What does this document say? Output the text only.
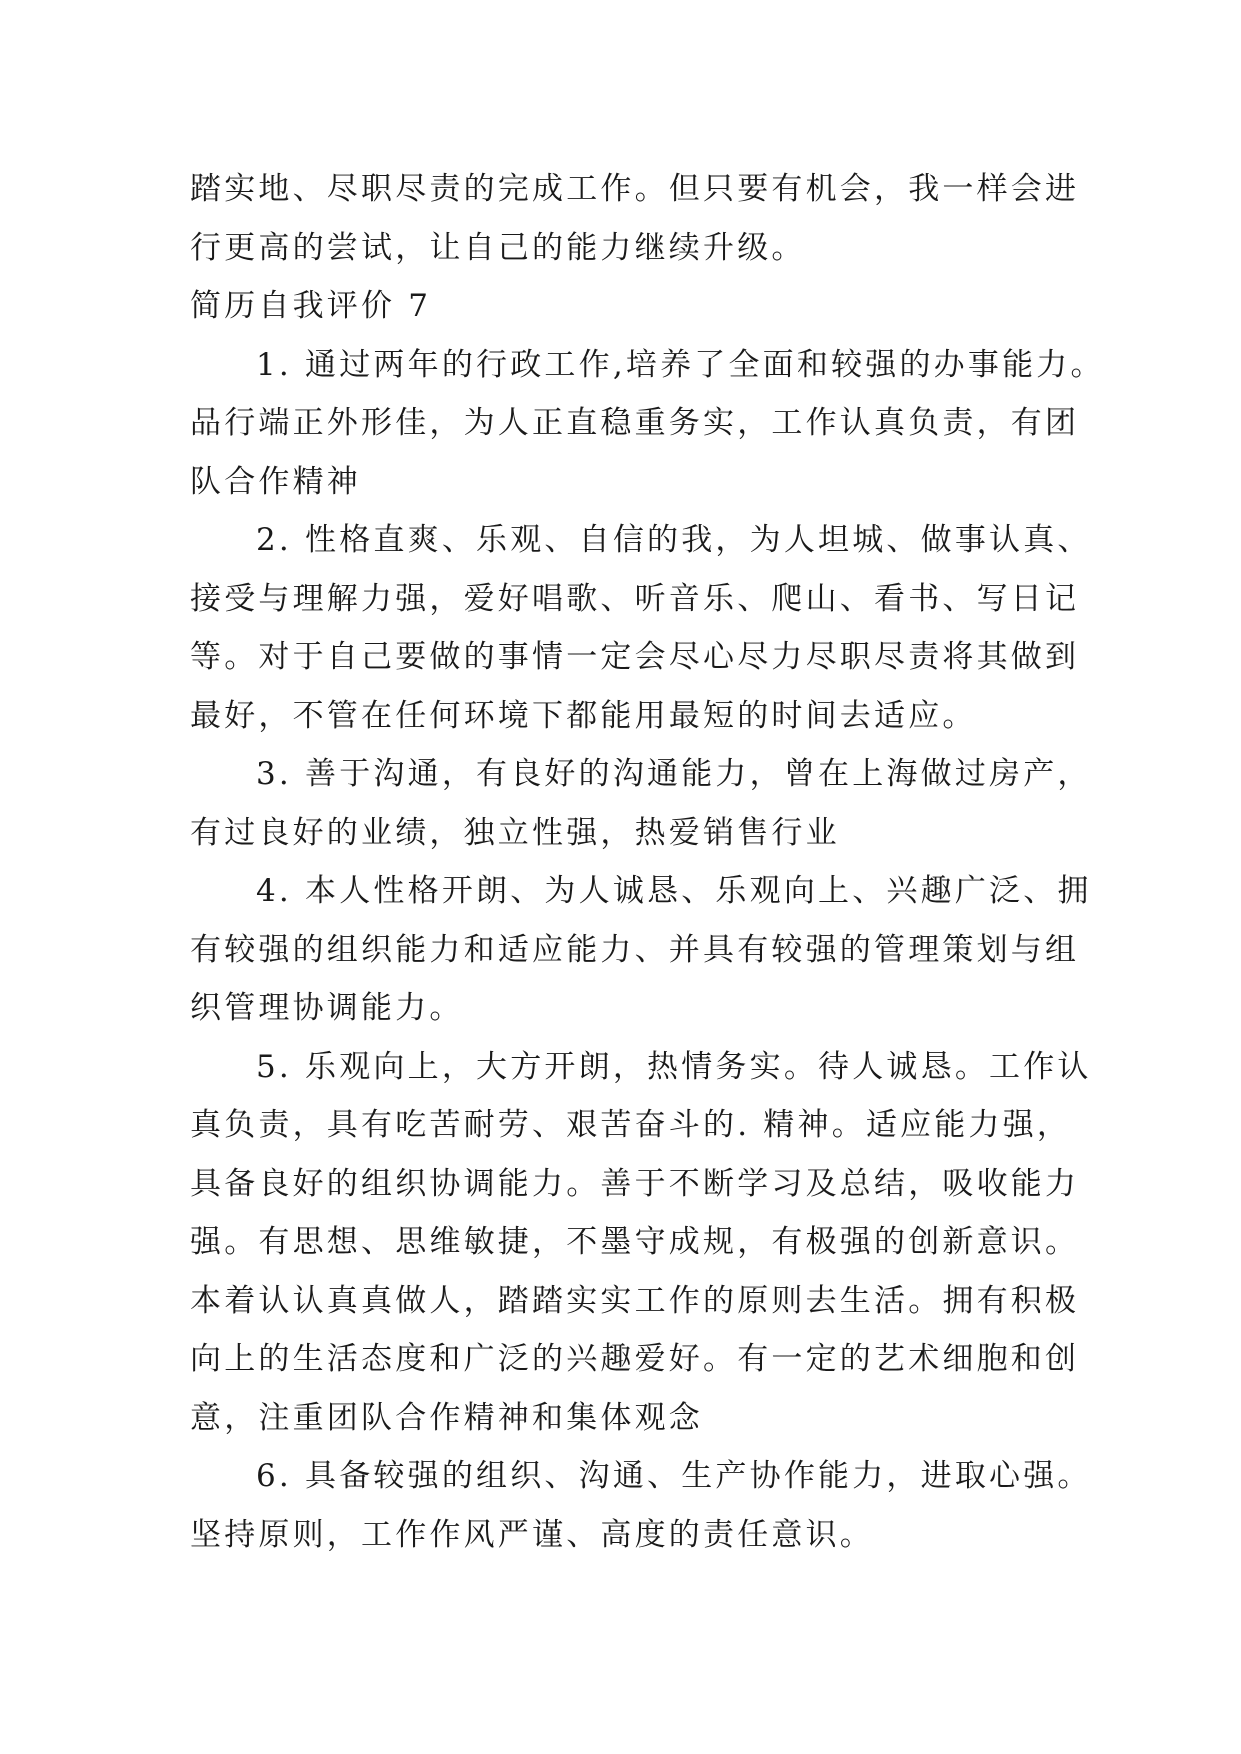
踏实地、尽职尽责的完成工作。但只要有机会，我一样会进
行更高的尝试，让自己的能力继续升级。
简历自我评价 7
1. 通过两年的行政工作,培养了全面和较强的办事能力。
品行端正外形佳，为人正直稳重务实，工作认真负责，有团
队合作精神
2. 性格直爽、乐观、自信的我，为人坦城、做事认真、
接受与理解力强，爱好唱歌、听音乐、爬山、看书、写日记
等。对于自己要做的事情一定会尽心尽力尽职尽责将其做到
最好，不管在任何环境下都能用最短的时间去适应。
3. 善于沟通，有良好的沟通能力，曾在上海做过房产，
有过良好的业绩，独立性强，热爱销售行业
4. 本人性格开朗、为人诚恳、乐观向上、兴趣广泛、拥
有较强的组织能力和适应能力、并具有较强的管理策划与组
织管理协调能力。
5. 乐观向上，大方开朗，热情务实。待人诚恳。工作认
真负责，具有吃苦耐劳、艰苦奋斗的. 精神。适应能力强，
具备良好的组织协调能力。善于不断学习及总结，吸收能力
强。有思想、思维敏捷，不墨守成规，有极强的创新意识。
本着认认真真做人，踏踏实实工作的原则去生活。拥有积极
向上的生活态度和广泛的兴趣爱好。有一定的艺术细胞和创
意，注重团队合作精神和集体观念
6. 具备较强的组织、沟通、生产协作能力，进取心强。
坚持原则，工作作风严谨、高度的责任意识。
